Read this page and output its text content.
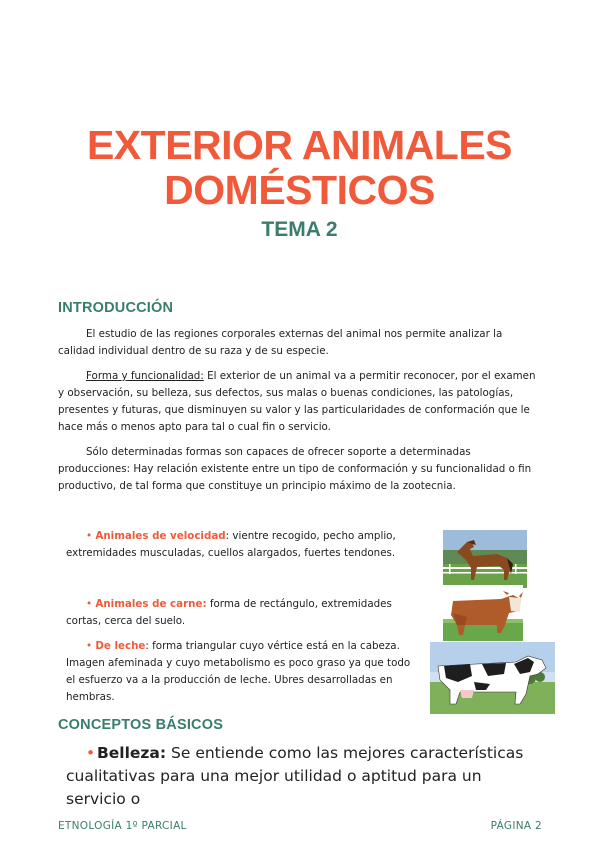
EXTERIOR ANIMALES
DOMÉSTICOS
TEMA 2
INTRODUCCIÓN

El estudio de las regiones corporales externas del animal nos permite analizar la calidad individual dentro de su raza y de su especie.

Forma y funcionalidad: El exterior de un animal va a permitir reconocer, por el examen y observación, su belleza, sus defectos, sus malas o buenas condiciones, las patologías, presentes y futuras, que disminuyen su valor y las particularidades de conformación que le hace más o menos apto para tal o cual fin o servicio.

Sólo determinadas formas son capaces de ofrecer soporte a determinadas producciones: Hay relación existente entre un tipo de conformación y su funcionalidad o fin productivo, de tal forma que constituye un principio máximo de la zootecnia.

• Animales de velocidad: vientre recogido, pecho amplio, extremidades musculadas, cuellos alargados, fuertes tendones.

• Animales de carne: forma de rectángulo, extremidades cortas, cerca del suelo.

• De leche: forma triangular cuyo vértice está en la cabeza. Imagen afeminada y cuyo metabolismo es poco graso ya que todo el esfuerzo va a la producción de leche. Ubres desarrolladas en hembras.

CONCEPTOS BÁSICOS

• Belleza: Se entiende como las mejores características cualitativas para una mejor utilidad o aptitud para un servicio o

ETNOLOGÍA 1º PARCIAL	PÁGINA 2
